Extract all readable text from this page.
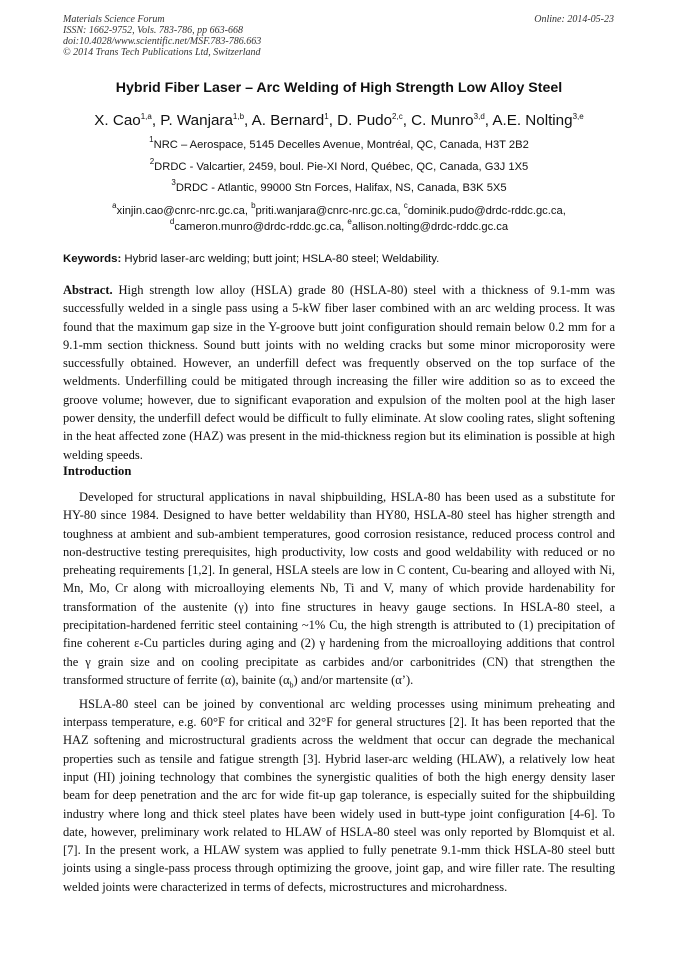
Materials Science Forum
ISSN: 1662-9752, Vols. 783-786, pp 663-668
doi:10.4028/www.scientific.net/MSF.783-786.663
© 2014 Trans Tech Publications Ltd, Switzerland
Online: 2014-05-23
Hybrid Fiber Laser – Arc Welding of High Strength Low Alloy Steel
X. Cao$^{1,a}$, P. Wanjara$^{1,b}$, A. Bernard$^1$, D. Pudo$^{2,c}$, C. Munro$^{3,d}$, A.E. Nolting$^{3,e}$
$^1$NRC – Aerospace, 5145 Decelles Avenue, Montréal, QC, Canada, H3T 2B2
$^2$DRDC - Valcartier, 2459, boul. Pie-XI Nord, Québec, QC, Canada, G3J 1X5
$^3$DRDC - Atlantic, 99000 Stn Forces, Halifax, NS, Canada, B3K 5X5
$^a$xinjin.cao@cnrc-nrc.gc.ca, $^b$priti.wanjara@cnrc-nrc.gc.ca, $^c$dominik.pudo@drdc-rddc.gc.ca,
$^d$cameron.munro@drdc-rddc.gc.ca, $^e$allison.nolting@drdc-rddc.gc.ca
Keywords: Hybrid laser-arc welding; butt joint; HSLA-80 steel; Weldability.

Abstract. High strength low alloy (HSLA) grade 80 (HSLA-80) steel with a thickness of 9.1-mm was successfully welded in a single pass using a 5-kW fiber laser combined with an arc welding process. It was found that the maximum gap size in the Y-groove butt joint configuration should remain below 0.2 mm for a 9.1-mm section thickness. Sound butt joints with no welding cracks but some minor microporosity were successfully obtained. However, an underfill defect was frequently observed on the top surface of the weldments. Underfilling could be mitigated through increasing the filler wire addition so as to exceed the groove volume; however, due to significant evaporation and expulsion of the molten pool at the high laser power density, the underfill defect would be difficult to fully eliminate. At slow cooling rates, slight softening in the heat affected zone (HAZ) was present in the mid-thickness region but its elimination is possible at high welding speeds.

Introduction

Developed for structural applications in naval shipbuilding, HSLA-80 has been used as a substitute for HY-80 since 1984. Designed to have better weldability than HY80, HSLA-80 steel has higher strength and toughness at ambient and sub-ambient temperatures, good corrosion resistance, reduced process control and non-destructive testing prerequisites, high productivity, low costs and good weldability with reduced or no preheating requirements [1,2]. In general, HSLA steels are low in C content, Cu-bearing and alloyed with Ni, Mn, Mo, Cr along with microalloying elements Nb, Ti and V, many of which provide hardenability for transformation of the austenite (γ) into fine structures in heavy gauge sections. In HSLA-80 steel, a precipitation-hardened ferritic steel containing ~1% Cu, the high strength is attributed to (1) precipitation of fine coherent ε-Cu particles during aging and (2) γ hardening from the microalloying additions that control the γ grain size and on cooling precipitate as carbides and/or carbonitrides (CN) that strengthen the transformed structure of ferrite (α), bainite $(\alpha_b)$ and/or martensite (α’).

HSLA-80 steel can be joined by conventional arc welding processes using minimum preheating and interpass temperature, e.g. 60°F for critical and 32°F for general structures [2]. It has been reported that the HAZ softening and microstructural gradients across the weldment that occur can degrade the mechanical properties such as tensile and fatigue strength [3]. Hybrid laser-arc welding (HLAW), a relatively low heat input (HI) joining technology that combines the synergistic qualities of both the high energy density laser beam for deep penetration and the arc for wide fit-up gap tolerance, is especially suited for the shipbuilding industry where long and thick steel plates have been widely used in butt-type joint configuration [4-6]. To date, however, preliminary work related to HLAW of HSLA-80 steel was only reported by Blomquist et al. [7]. In the present work, a HLAW system was applied to fully penetrate 9.1-mm thick HSLA-80 steel butt joints using a single-pass process through optimizing the groove, joint gap, and wire filler rate. The resulting welded joints were characterized in terms of defects, microstructures and microhardness.
